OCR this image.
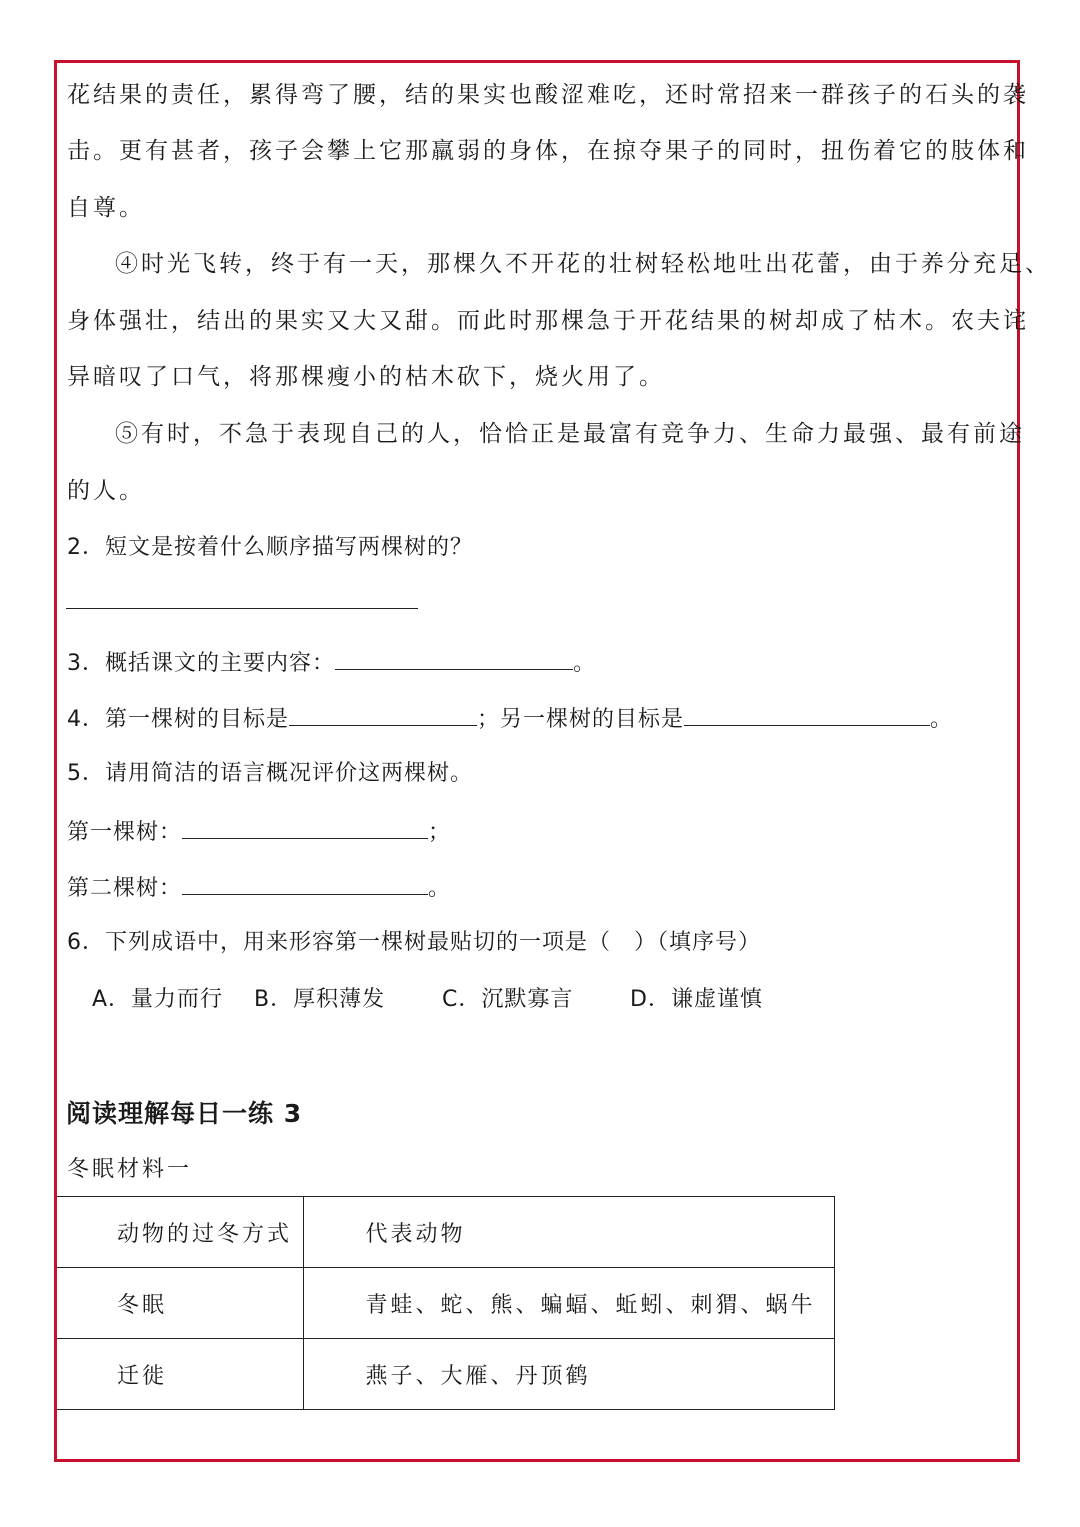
花结果的责任，累得弯了腰，结的果实也酸涩难吃，还时常招来一群孩子的石头的袭
击。更有甚者，孩子会攀上它那羸弱的身体，在掠夺果子的同时，扭伤着它的肢体和
自尊。
④时光飞转，终于有一天，那棵久不开花的壮树轻松地吐出花蕾，由于养分充足、
身体强壮，结出的果实又大又甜。而此时那棵急于开花结果的树却成了枯木。农夫诧
异暗叹了口气，将那棵瘦小的枯木砍下，烧火用了。
⑤有时，不急于表现自己的人，恰恰正是最富有竞争力、生命力最强、最有前途
的人。
2．短文是按着什么顺序描写两棵树的？
3．概括课文的主要内容：	。
4．第一棵树的目标是	；另一棵树的目标是	。
5．请用简洁的语言概况评价这两棵树。
第一棵树：	；
第二棵树：	。
6．下列成语中，用来形容第一棵树最贴切的一项是（　）（填序号）
A．量力而行 B．厚积薄发	C．沉默寡言	D．谦虚谨慎
阅读理解每日一练 3
冬眠材料一
动物的过冬方式	代表动物
冬眠	青蛙、蛇、熊、蝙蝠、蚯蚓、刺猬、蜗牛
迁徙	燕子、大雁、丹顶鹤
